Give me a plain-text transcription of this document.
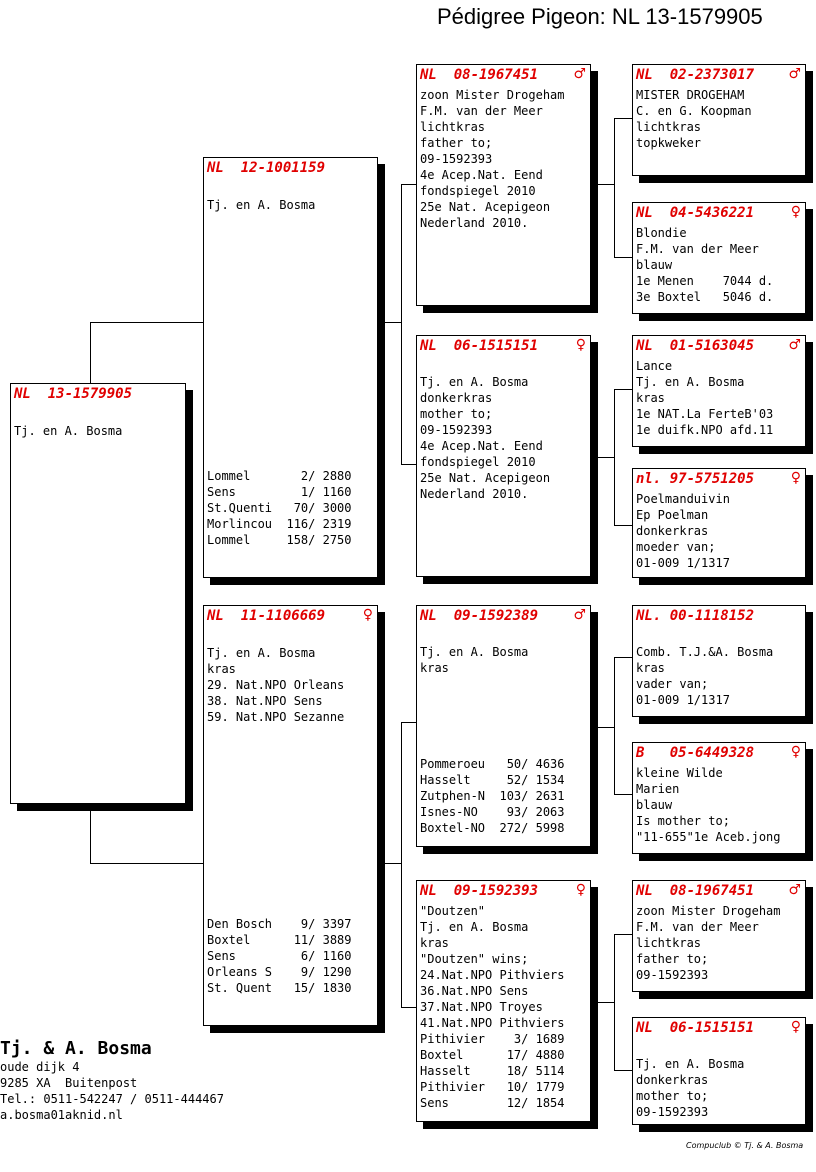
Pédigree Pigeon: NL 13-1579905
NL  13-1579905

Tj. en A. Bosma
NL  12-1001159

Tj. en A. Bosma
Lommel       2/ 2880
Sens         1/ 1160
St.Quenti   70/ 3000
Morlincou  116/ 2319
Lommel     158/ 2750
NL  11-1106669	♀

Tj. en A. Bosma
kras
29. Nat.NPO Orleans
38. Nat.NPO Sens
59. Nat.NPO Sezanne
Den Bosch    9/ 3397
Boxtel      11/ 3889
Sens         6/ 1160
Orleans S    9/ 1290
St. Quent   15/ 1830
NL  08-1967451	♂
zoon Mister Drogeham
F.M. van der Meer
lichtkras
father to;
09-1592393
4e Acep.Nat. Eend
fondspiegel 2010
25e Nat. Acepigeon
Nederland 2010.
NL  06-1515151	♀

Tj. en A. Bosma
donkerkras
mother to;
09-1592393
4e Acep.Nat. Eend
fondspiegel 2010
25e Nat. Acepigeon
Nederland 2010.
NL  09-1592389	♂

Tj. en A. Bosma
kras
Pommeroeu   50/ 4636
Hasselt     52/ 1534
Zutphen-N  103/ 2631
Isnes-NO    93/ 2063
Boxtel-NO  272/ 5998
NL  09-1592393	♀
"Doutzen"
Tj. en A. Bosma
kras
"Doutzen" wins;
24.Nat.NPO Pithviers
36.Nat.NPO Sens
37.Nat.NPO Troyes
41.Nat.NPO Pithviers
Pithivier    3/ 1689
Boxtel      17/ 4880
Hasselt     18/ 5114
Pithivier   10/ 1779
Sens        12/ 1854
NL  02-2373017 ♂
MISTER DROGEHAM
C. en G. Koopman
lichtkras
topkweker
NL  04-5436221	♀
Blondie
F.M. van der Meer
blauw
1e Menen    7044 d.
3e Boxtel   5046 d.
NL  01-5163045 ♂
Lance
Tj. en A. Bosma
kras
1e NAT.La FerteB'03
1e duifk.NPO afd.11
nl. 97-5751205	♀
Poelmanduivin
Ep Poelman
donkerkras
moeder van;
01-009 1/1317
NL. 00-1118152

Comb. T.J.&A. Bosma
kras
vader van;
01-009 1/1317
B   05-6449328	♀
kleine Wilde
Marien
blauw
Is mother to;
"11-655"1e Aceb.jong
NL  08-1967451 ♂
zoon Mister Drogeham
F.M. van der Meer
lichtkras
father to;
09-1592393
NL  06-1515151	♀

Tj. en A. Bosma
donkerkras
mother to;
09-1592393
Tj. & A. Bosma
oude dijk 4
9285 XA  Buitenpost
Tel.: 0511-542247 / 0511-444467
a.bosma01aknid.nl
Compuclub © Tj. & A. Bosma
